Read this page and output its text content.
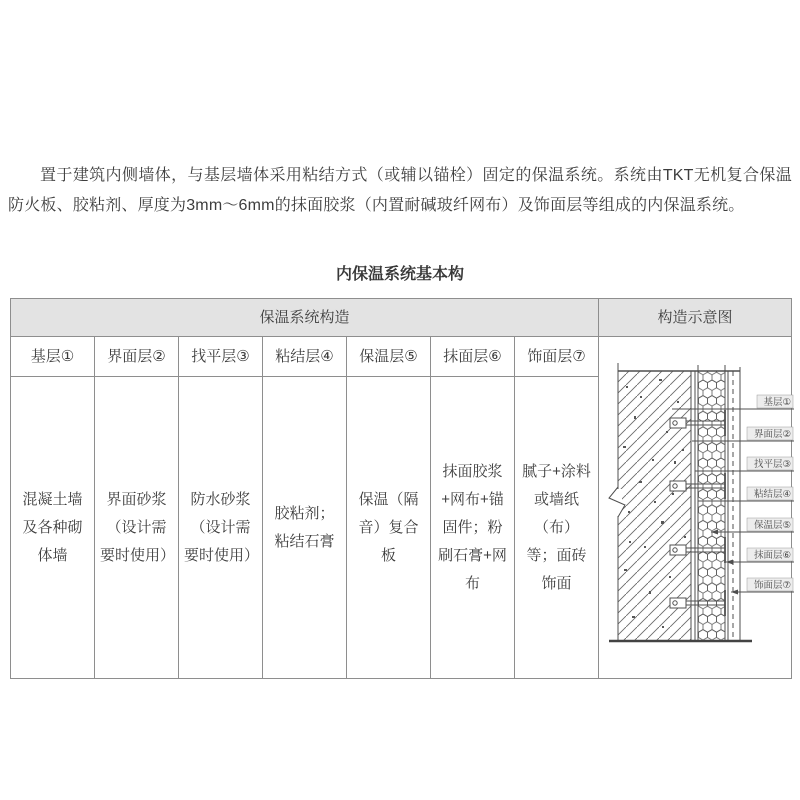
置于建筑内侧墙体，与基层墙体采用粘结方式（或辅以锚栓）固定的保温系统。系统由TKT无机复合保温防火板、胶粘剂、厚度为3mm～6mm的抹面胶浆（内置耐碱玻纤网布）及饰面层等组成的内保温系统。
内保温系统基本构
保温系统构造							构造示意图
基层①	界面层②	找平层③	粘结层④	保温层⑤	抹面层⑥	饰面层⑦	
基层①
界面层②
找平层③
粘结层④
保温层⑤
抹面层⑥
饰面层⑦

混凝土墙及各种砌体墙	界面砂浆（设计需要时使用）	防水砂浆（设计需要时使用）	胶粘剂；粘结石膏	保温（隔音）复合板	抹面胶浆+网布+锚固件；粉刷石膏+网布	腻子+涂料或墙纸（布）等；面砖饰面	
